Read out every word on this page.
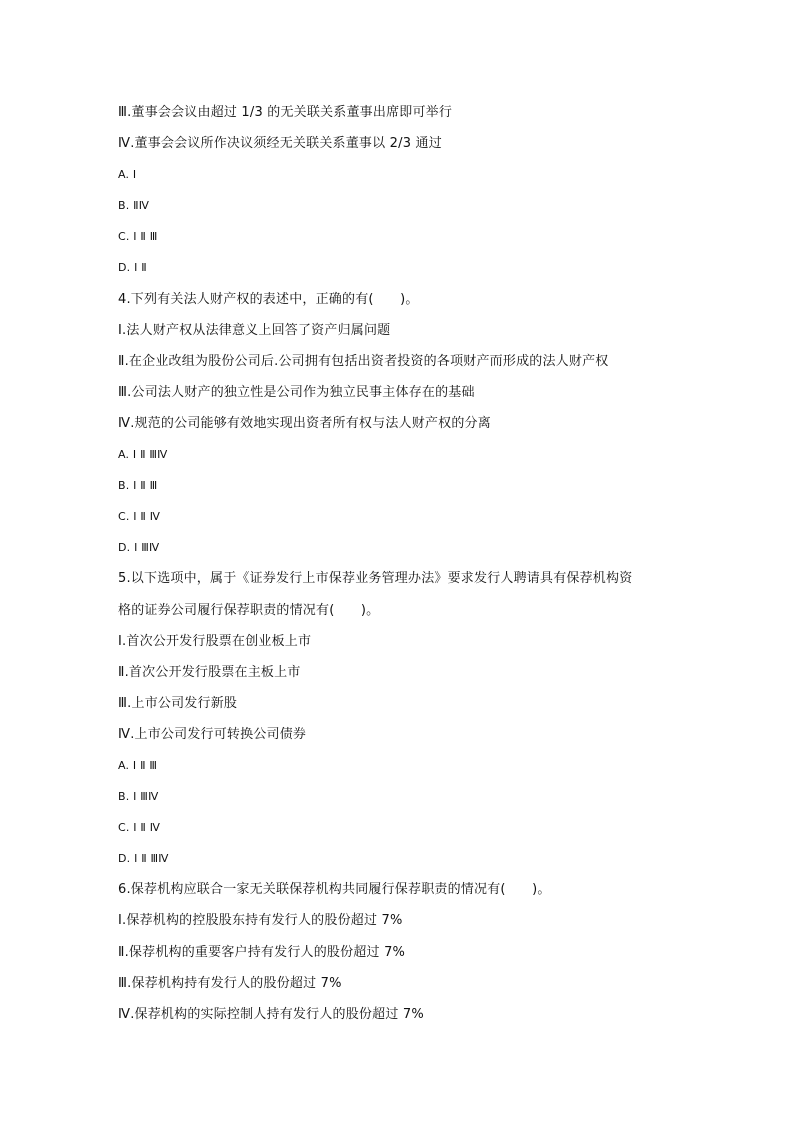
Ⅲ.董事会会议由超过 1/3 的无关联关系董事出席即可举行
Ⅳ.董事会会议所作决议须经无关联关系董事以 2/3 通过
A. Ⅰ
B. ⅡⅣ
C. Ⅰ Ⅱ Ⅲ
D. Ⅰ Ⅱ
4.下列有关法人财产权的表述中，正确的有(　　)。
Ⅰ.法人财产权从法律意义上回答了资产归属问题
Ⅱ.在企业改组为股份公司后.公司拥有包括出资者投资的各项财产而形成的法人财产权
Ⅲ.公司法人财产的独立性是公司作为独立民事主体存在的基础
Ⅳ.规范的公司能够有效地实现出资者所有权与法人财产权的分离
A. Ⅰ Ⅱ ⅢⅣ
B. Ⅰ Ⅱ Ⅲ
C. Ⅰ Ⅱ Ⅳ
D. Ⅰ ⅢⅣ
5.以下选项中，属于《证券发行上市保荐业务管理办法》要求发行人聘请具有保荐机构资
格的证券公司履行保荐职责的情况有(　　)。
Ⅰ.首次公开发行股票在创业板上市
Ⅱ.首次公开发行股票在主板上市
Ⅲ.上市公司发行新股
Ⅳ.上市公司发行可转换公司债券
A. Ⅰ Ⅱ Ⅲ
B. Ⅰ ⅢⅣ
C. Ⅰ Ⅱ Ⅳ
D. Ⅰ Ⅱ ⅢⅣ
6.保荐机构应联合一家无关联保荐机构共同履行保荐职责的情况有(　　)。
Ⅰ.保荐机构的控股股东持有发行人的股份超过 7%
Ⅱ.保荐机构的重要客户持有发行人的股份超过 7%
Ⅲ.保荐机构持有发行人的股份超过 7%
Ⅳ.保荐机构的实际控制人持有发行人的股份超过 7%
